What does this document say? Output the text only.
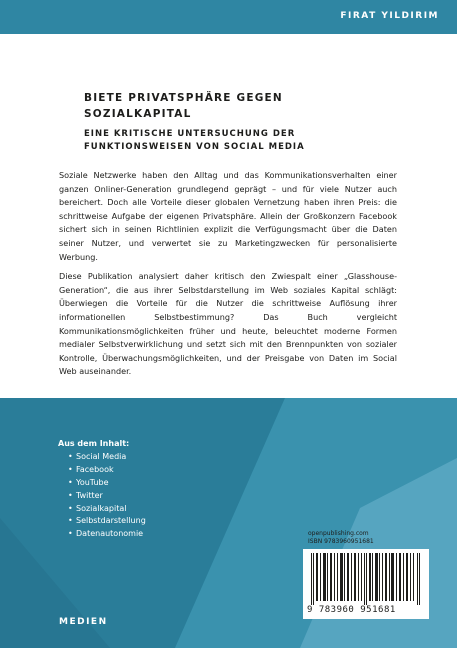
FIRAT YILDIRIM
BIETE PRIVATSPHÄRE GEGEN
SOZIALKAPITAL
EINE KRITISCHE UNTERSUCHUNG DER
FUNKTIONSWEISEN VON SOCIAL MEDIA

Soziale Netzwerke haben den Alltag und das Kommunikationsverhalten einer ganzen Onliner-Generation grundlegend geprägt – und für viele Nutzer auch bereichert. Doch alle Vorteile dieser globalen Vernetzung haben ihren Preis: die schrittweise Aufgabe der eigenen Privatsphäre. Allein der Großkonzern Facebook sichert sich in seinen Richtlinien explizit die Verfügungsmacht über die Daten seiner Nutzer, und verwertet sie zu Marketingzwecken für personalisierte Werbung.

Diese Publikation analysiert daher kritisch den Zwiespalt einer „Glasshouse-Generation“, die aus ihrer Selbstdarstellung im Web soziales Kapital schlägt: Überwiegen die Vorteile für die Nutzer die schrittweise Auflösung ihrer informationellen Selbstbestimmung? Das Buch vergleicht Kommunikationsmöglichkeiten früher und heute, beleuchtet moderne Formen medialer Selbstverwirklichung und setzt sich mit den Brennpunkten von sozialer Kontrolle, Überwachungsmöglichkeiten, und der Preisgabe von Daten im Social Web auseinander.

Aus dem Inhalt:
• Social Media
• Facebook
• YouTube
• Twitter
• Sozialkapital
• Selbstdarstellung
• Datenautonomie	openpublishing.com
ISBN 9783960951681
9 783960 951681
MEDIEN
